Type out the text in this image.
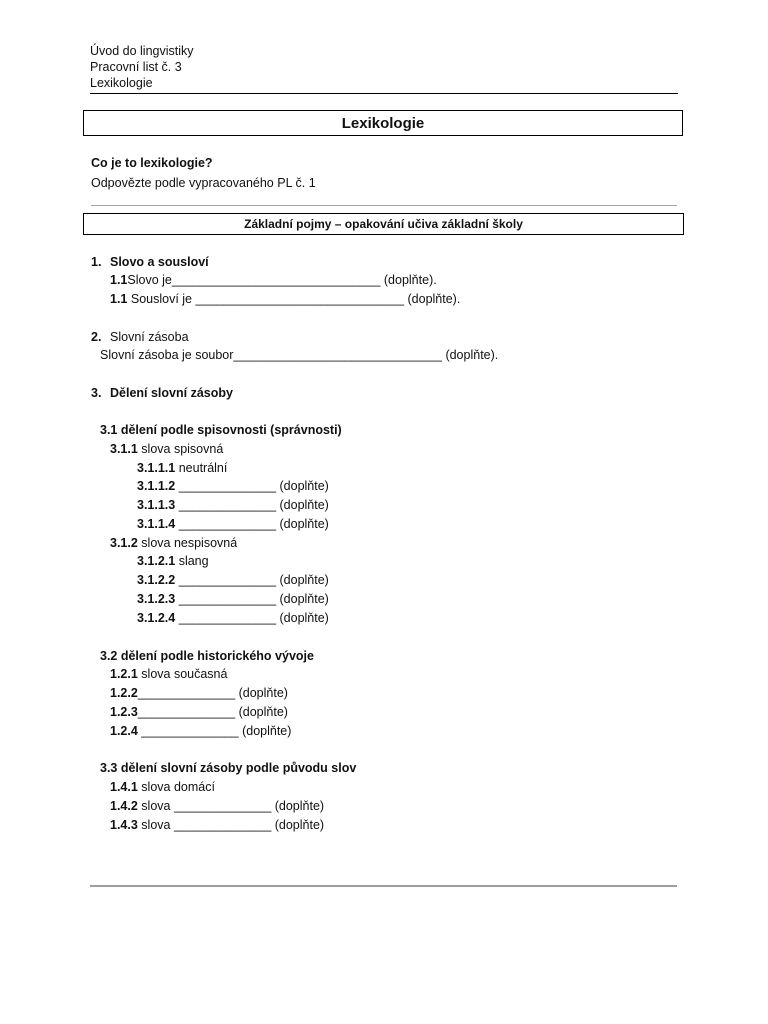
Úvod do lingvistiky
Pracovní list č. 3
Lexikologie
Lexikologie
Co je to lexikologie?
Odpovězte podle vypracovaného PL č. 1
Základní pojmy – opakování učiva základní školy
1. Slovo a sousloví
1.1Slovo je______________________________ (doplňte).
1.1 Sousloví je ______________________________ (doplňte).
2. Slovní zásoba
Slovní zásoba je soubor______________________________ (doplňte).
3. Dělení slovní zásoby
3.1 dělení podle spisovnosti (správnosti)
3.1.1 slova spisovná
3.1.1.1 neutrální
3.1.1.2 ______________ (doplňte)
3.1.1.3 ______________ (doplňte)
3.1.1.4 ______________ (doplňte)
3.1.2 slova nespisovná
3.1.2.1 slang
3.1.2.2 ______________ (doplňte)
3.1.2.3 ______________ (doplňte)
3.1.2.4 ______________ (doplňte)
3.2 dělení podle historického vývoje
1.2.1 slova současná
1.2.2______________ (doplňte)
1.2.3______________ (doplňte)
1.2.4 ______________ (doplňte)
3.3 dělení slovní zásoby podle původu slov
1.4.1 slova domácí
1.4.2 slova ______________ (doplňte)
1.4.3 slova ______________ (doplňte)
